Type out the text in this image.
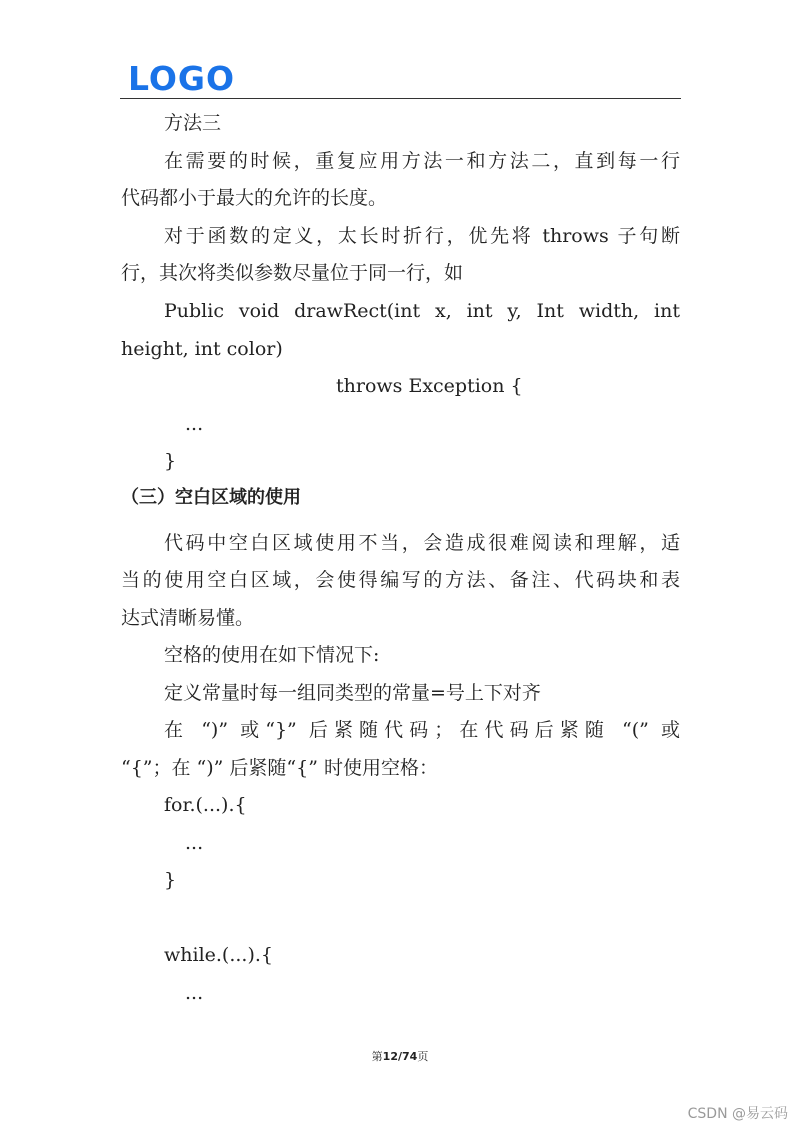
LOGO
方法三
在需要的时候，重复应用方法一和方法二，直到每一行
代码都小于最大的允许的长度。
对于函数的定义，太长时折行，优先将 throws 子句断
行，其次将类似参数尽量位于同一行，如
Public void drawRect(int x, int y, Int width, int
height, int color)
throws Exception {
...
}
（三）空白区域的使用
代码中空白区域使用不当，会造成很难阅读和理解，适
当的使用空白区域，会使得编写的方法、备注、代码块和表
达式清晰易懂。
空格的使用在如下情况下:
定义常量时每一组同类型的常量=号上下对齐
在 “)” 或“}” 后紧随代码；在代码后紧随 “(” 或
“{”；在 “)” 后紧随“{” 时使用空格：
for.(...).{
...
}
while.(...).{
...
第12/74页
CSDN @易云码
